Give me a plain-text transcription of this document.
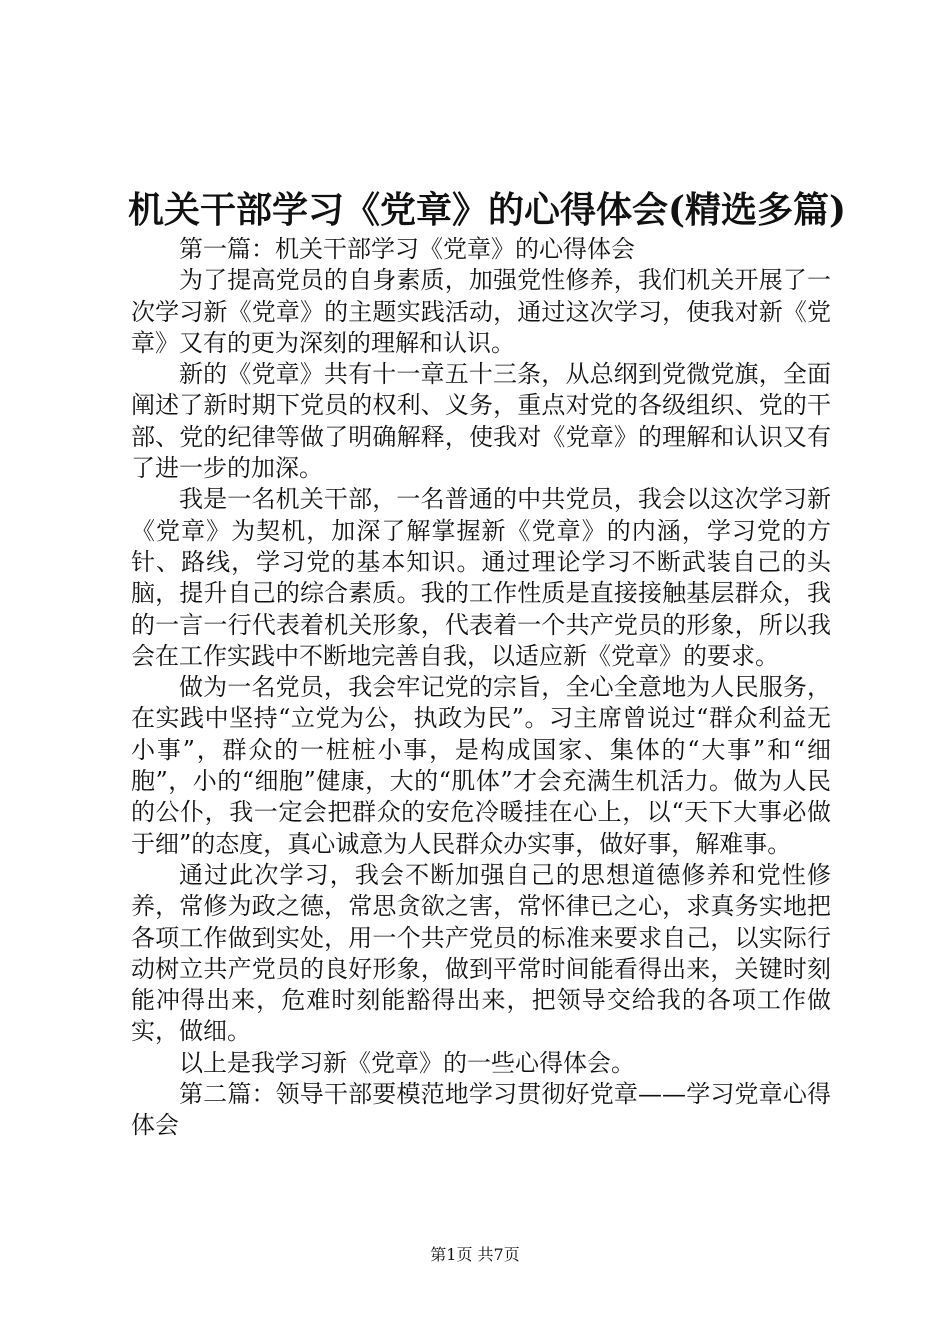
机关干部学习《党章》的心得体会(精选多篇)

第一篇：机关干部学习《党章》的心得体会

为了提高党员的自身素质，加强党性修养，我们机关开展了一次学习新《党章》的主题实践活动，通过这次学习，使我对新《党章》又有的更为深刻的理解和认识。

新的《党章》共有十一章五十三条，从总纲到党微党旗，全面阐述了新时期下党员的权利、义务，重点对党的各级组织、党的干部、党的纪律等做了明确解释，使我对《党章》的理解和认识又有了进一步的加深。

我是一名机关干部，一名普通的中共党员，我会以这次学习新《党章》为契机，加深了解掌握新《党章》的内涵，学习党的方针、路线，学习党的基本知识。通过理论学习不断武装自己的头脑，提升自己的综合素质。我的工作性质是直接接触基层群众，我的一言一行代表着机关形象，代表着一个共产党员的形象，所以我会在工作实践中不断地完善自我，以适应新《党章》的要求。

做为一名党员，我会牢记党的宗旨，全心全意地为人民服务，在实践中坚持“立党为公，执政为民”。习主席曾说过“群众利益无小事”，群众的一桩桩小事，是构成国家、集体的“大事”和“细胞”，小的“细胞”健康，大的“肌体”才会充满生机活力。做为人民的公仆，我一定会把群众的安危冷暖挂在心上，以“天下大事必做于细”的态度，真心诚意为人民群众办实事，做好事，解难事。

通过此次学习，我会不断加强自己的思想道德修养和党性修养，常修为政之德，常思贪欲之害，常怀律已之心，求真务实地把各项工作做到实处，用一个共产党员的标准来要求自己，以实际行动树立共产党员的良好形象，做到平常时间能看得出来，关键时刻能冲得出来，危难时刻能豁得出来，把领导交给我的各项工作做实，做细。

以上是我学习新《党章》的一些心得体会。

第二篇：领导干部要模范地学习贯彻好党章——学习党章心得体会

第1页 共7页
